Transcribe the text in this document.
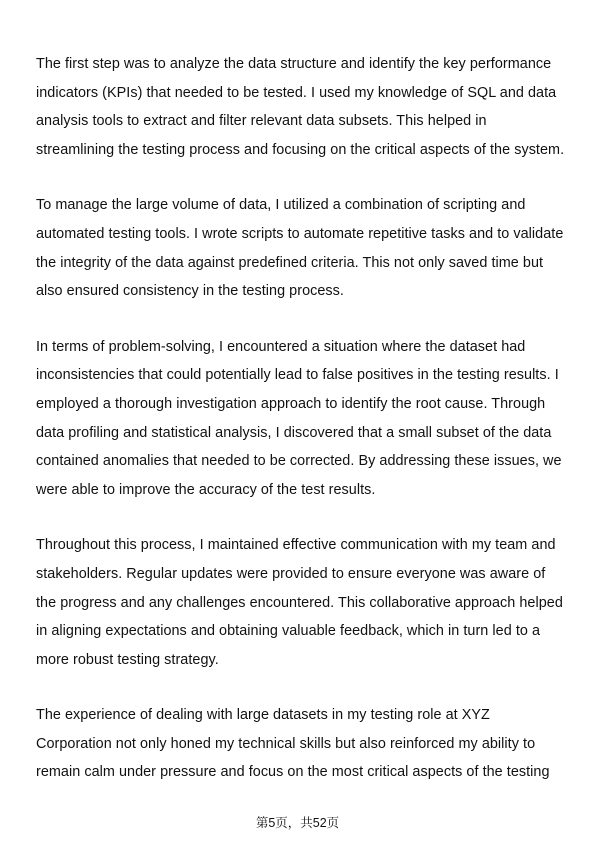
The first step was to analyze the data structure and identify the key performance
indicators (KPIs) that needed to be tested. I used my knowledge of SQL and data
analysis tools to extract and filter relevant data subsets. This helped in
streamlining the testing process and focusing on the critical aspects of the system.

To manage the large volume of data, I utilized a combination of scripting and
automated testing tools. I wrote scripts to automate repetitive tasks and to validate
the integrity of the data against predefined criteria. This not only saved time but
also ensured consistency in the testing process.

In terms of problem-solving, I encountered a situation where the dataset had
inconsistencies that could potentially lead to false positives in the testing results. I
employed a thorough investigation approach to identify the root cause. Through
data profiling and statistical analysis, I discovered that a small subset of the data
contained anomalies that needed to be corrected. By addressing these issues, we
were able to improve the accuracy of the test results.

Throughout this process, I maintained effective communication with my team and
stakeholders. Regular updates were provided to ensure everyone was aware of
the progress and any challenges encountered. This collaborative approach helped
in aligning expectations and obtaining valuable feedback, which in turn led to a
more robust testing strategy.

The experience of dealing with large datasets in my testing role at XYZ
Corporation not only honed my technical skills but also reinforced my ability to
remain calm under pressure and focus on the most critical aspects of the testing

第5页，共52页
